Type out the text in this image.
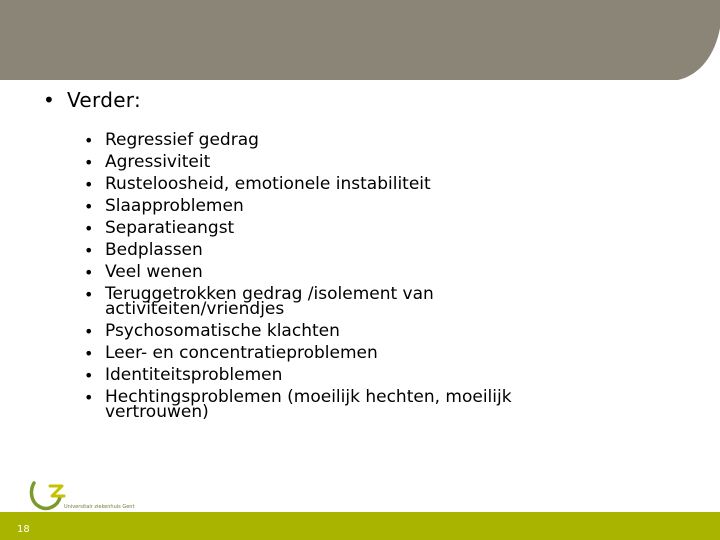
• Verder:
• Regressief gedrag
• Agressiviteit
• Rusteloosheid, emotionele instabiliteit
• Slaapproblemen
• Separatieangst
• Bedplassen
• Veel wenen
• Teruggetrokken gedrag /isolement van activiteiten/vriendjes
• Psychosomatische klachten
• Leer- en concentratieproblemen
• Identiteitsproblemen
• Hechtingsproblemen (moeilijk hechten, moeilijk vertrouwen)
Universitair ziekenhuis Gent
18
